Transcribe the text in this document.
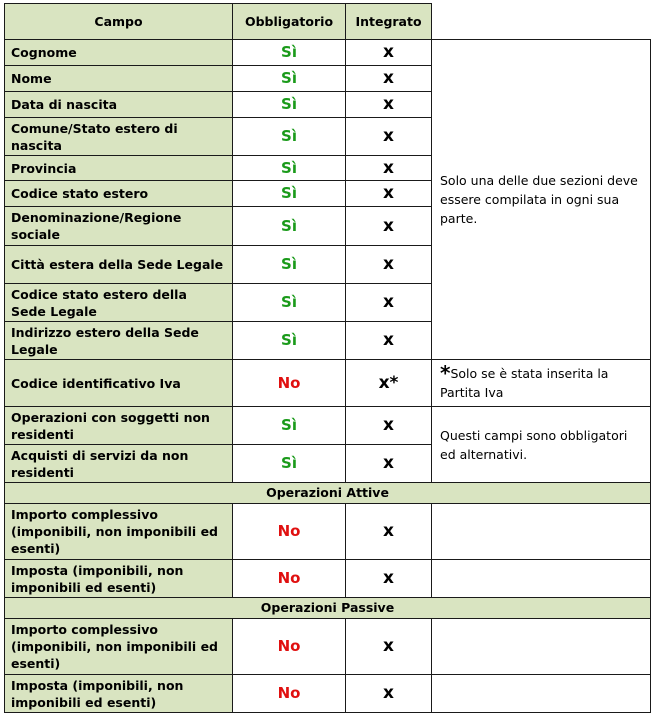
Campo	Obbligatorio	Integrato	
Cognome	Sì	x	Solo una delle due sezioni deve essere compilata in ogni sua parte.
Nome	Sì	x	
Data di nascita	Sì	x	
Comune/Stato estero di nascita	Sì	x	
Provincia	Sì	x	
Codice stato estero	Sì	x	
Denominazione/Regione sociale	Sì	x	
Città estera della Sede Legale	Sì	x	
Codice stato estero della Sede Legale	Sì	x	
Indirizzo estero della Sede Legale	Sì	x	
Codice identificativo Iva	No	x*	*Solo se è stata inserita la Partita Iva
Operazioni con soggetti non residenti	Sì	x	Questi campi sono obbligatori ed alternativi.
Acquisti di servizi da non residenti	Sì	x	
Operazioni Attive			
Importo complessivo (imponibili, non imponibili ed esenti)	No	x	
Imposta (imponibili, non imponibili ed esenti)	No	x	
Operazioni Passive			
Importo complessivo (imponibili, non imponibili ed esenti)	No	x	
Imposta (imponibili, non imponibili ed esenti)	No	x	
